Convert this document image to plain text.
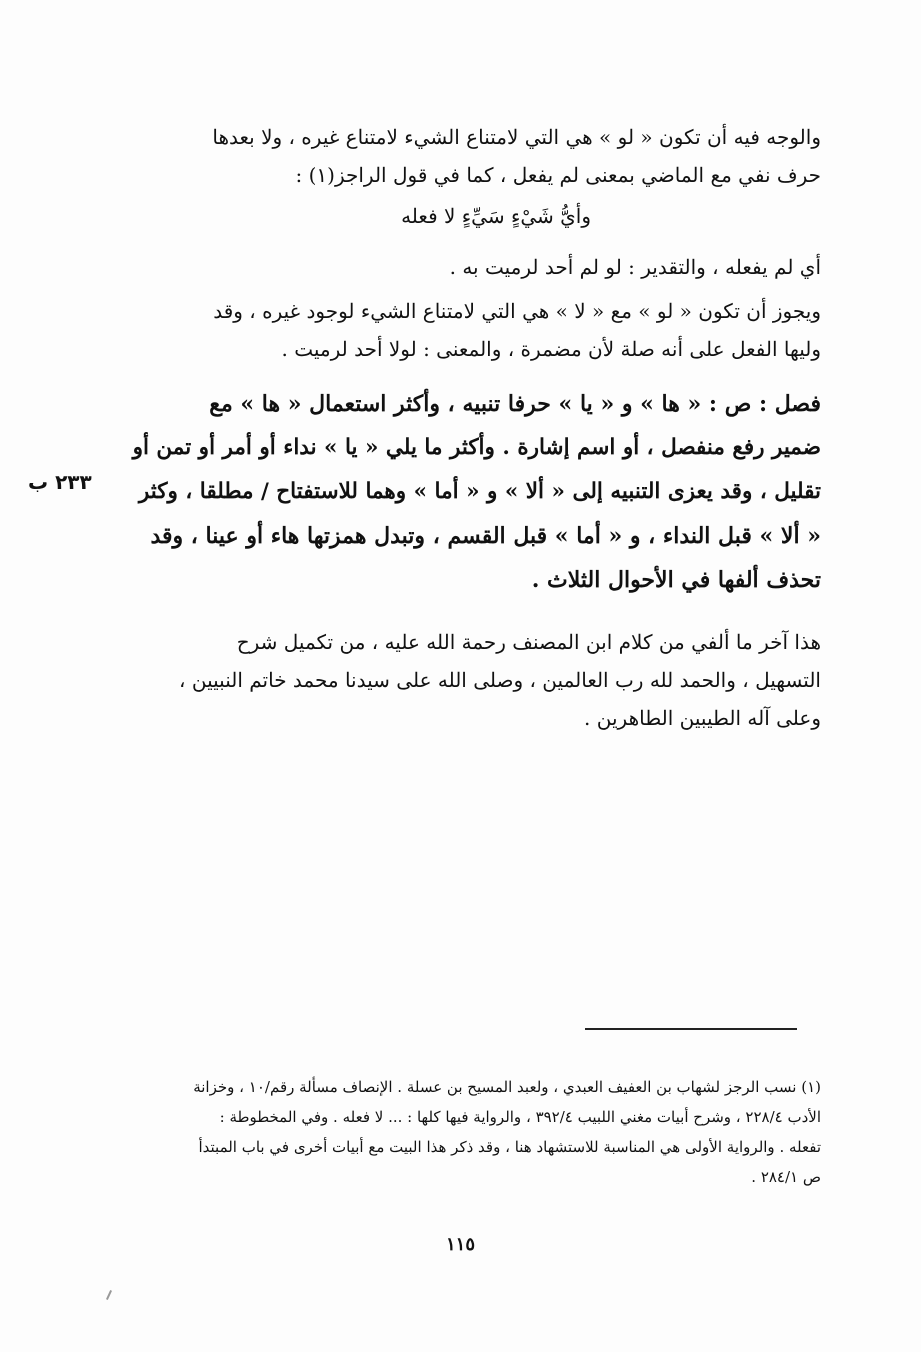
والوجه فيه أن تكون « لو » هي التي لامتناع الشيء لامتناع غيره ، ولا بعدها
حرف نفي مع الماضي بمعنى لم يفعل ، كما في قول الراجز(١) :
وأيُّ شَيْءٍ سَيِّءٍ لا فعله
أي لم يفعله ، والتقدير : لو لم أحد لرميت به .
ويجوز أن تكون « لو » مع « لا » هي التي لامتناع الشيء لوجود غيره ، وقد
وليها الفعل على أنه صلة لأن مضمرة ، والمعنى : لولا أحد لرميت .
فصل : ص : « ها » و « يا » حرفا تنبيه ، وأكثر استعمال « ها » مع
ضمير رفع منفصل ، أو اسم إشارة . وأكثر ما يلي « يا » نداء أو أمر أو تمن أو
تقليل ، وقد يعزى التنبيه إلى « ألا » و « أما » وهما للاستفتاح / مطلقا ، وكثر
« ألا » قبل النداء ، و « أما » قبل القسم ، وتبدل همزتها هاء أو عينا ، وقد
تحذف ألفها في الأحوال الثلاث .
٢٣٣ ب
هذا آخر ما ألفي من كلام ابن المصنف رحمة الله عليه ، من تكميل شرح
التسهيل ، والحمد لله رب العالمين ، وصلى الله على سيدنا محمد خاتم النبيين ،
وعلى آله الطيبين الطاهرين .
(١) نسب الرجز لشهاب بن العفيف العبدي ، ولعبد المسيح بن عسلة . الإنصاف مسألة رقم/١٠ ، وخزانة
الأدب ٢٢٨/٤ ، وشرح أبيات مغني اللبيب ٣٩٢/٤ ، والرواية فيها كلها : ... لا فعله . وفي المخطوطة :
تفعله . والرواية الأولى هي المناسبة للاستشهاد هنا ، وقد ذكر هذا البيت مع أبيات أخرى في باب المبتدأ
ص ٢٨٤/١ .
١١٥
